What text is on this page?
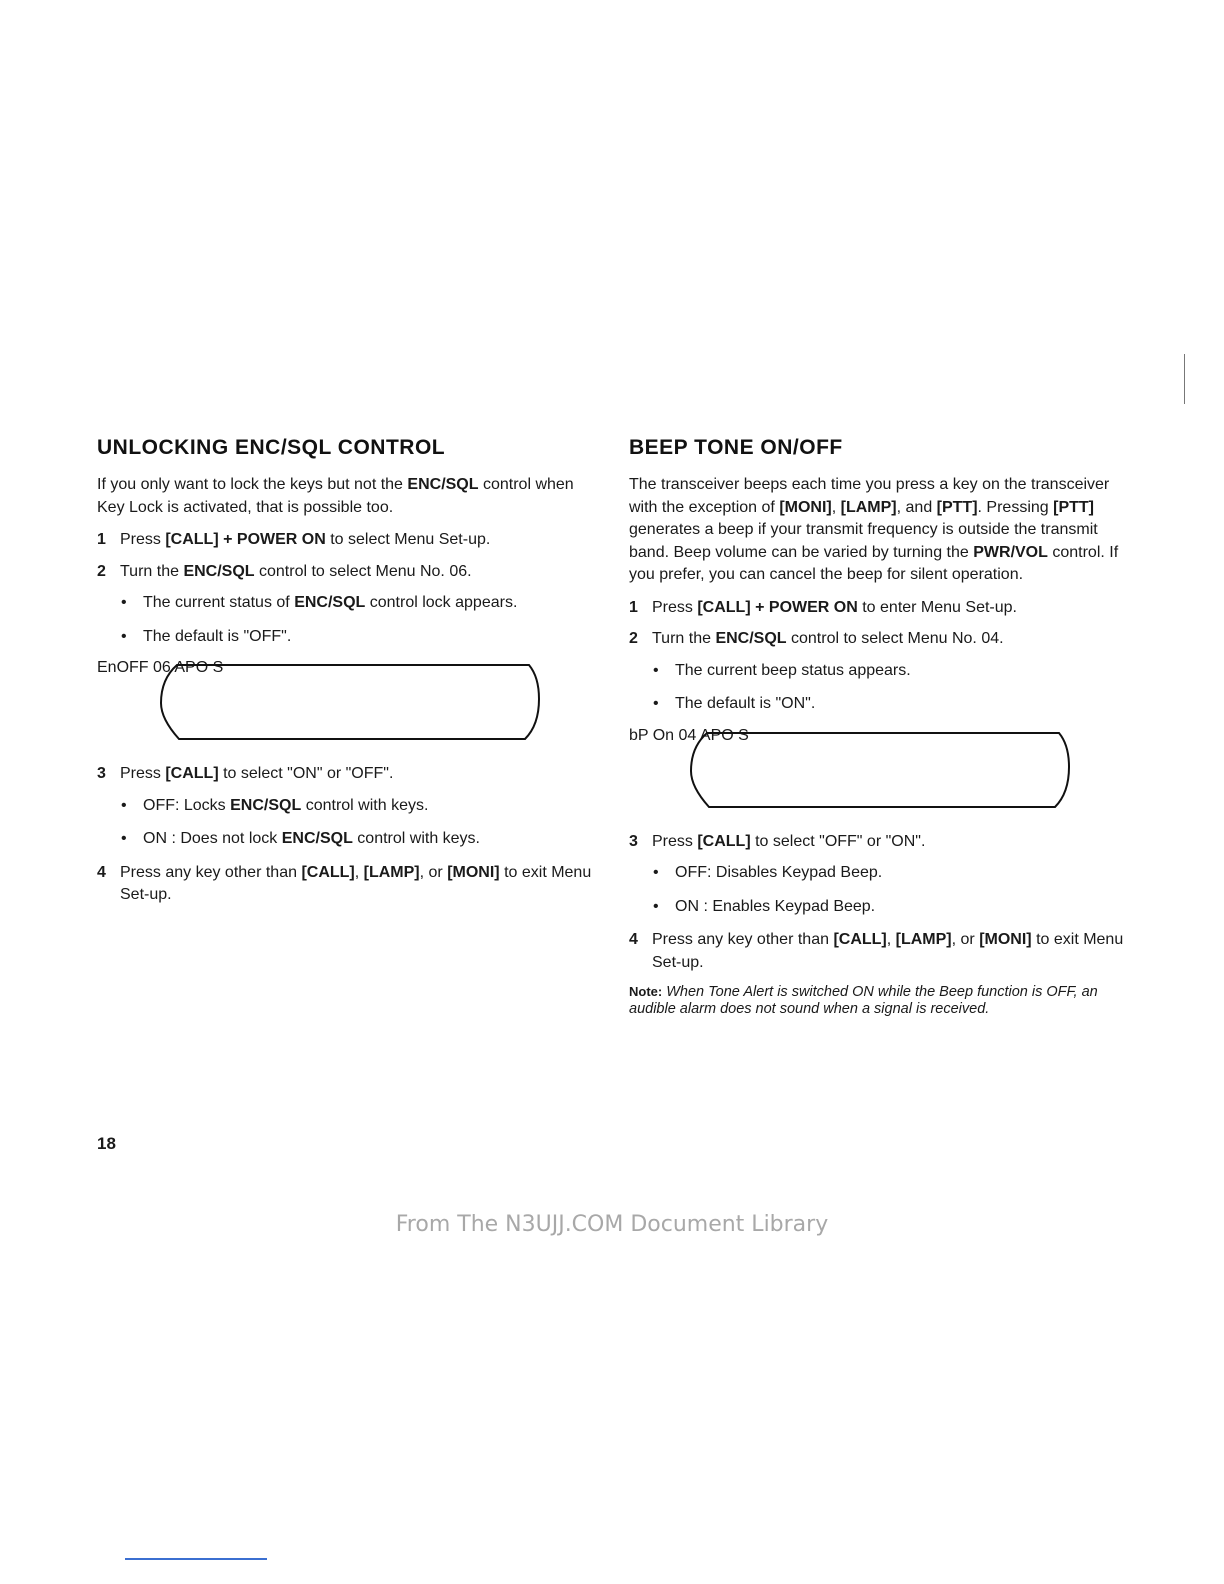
UNLOCKING ENC/SQL CONTROL

If you only want to lock the keys but not the ENC/SQL control when Key Lock is activated, that is possible too.

1 Press [CALL] + POWER ON to select Menu Set-up.
2 Turn the ENC/SQL control to select Menu No. 06.
• The current status of ENC/SQL control lock appears.
• The default is "OFF".
EnOFF 06 APO S
3 Press [CALL] to select "ON" or "OFF".
• OFF: Locks ENC/SQL control with keys.
• ON : Does not lock ENC/SQL control with keys.
4 Press any key other than [CALL], [LAMP], or [MONI] to exit Menu Set-up.
BEEP TONE ON/OFF

The transceiver beeps each time you press a key on the transceiver with the exception of [MONI], [LAMP], and [PTT]. Pressing [PTT] generates a beep if your transmit frequency is outside the transmit band. Beep volume can be varied by turning the PWR/VOL control. If you prefer, you can cancel the beep for silent operation.

1 Press [CALL] + POWER ON to enter Menu Set-up.
2 Turn the ENC/SQL control to select Menu No. 04.
• The current beep status appears.
• The default is "ON".
bP On 04 APO S
3 Press [CALL] to select "OFF" or "ON".
• OFF: Disables Keypad Beep.
• ON : Enables Keypad Beep.
4 Press any key other than [CALL], [LAMP], or [MONI] to exit Menu Set-up.
Note: When Tone Alert is switched ON while the Beep function is OFF, an audible alarm does not sound when a signal is received.
18
From The N3UJJ.COM Document Library
